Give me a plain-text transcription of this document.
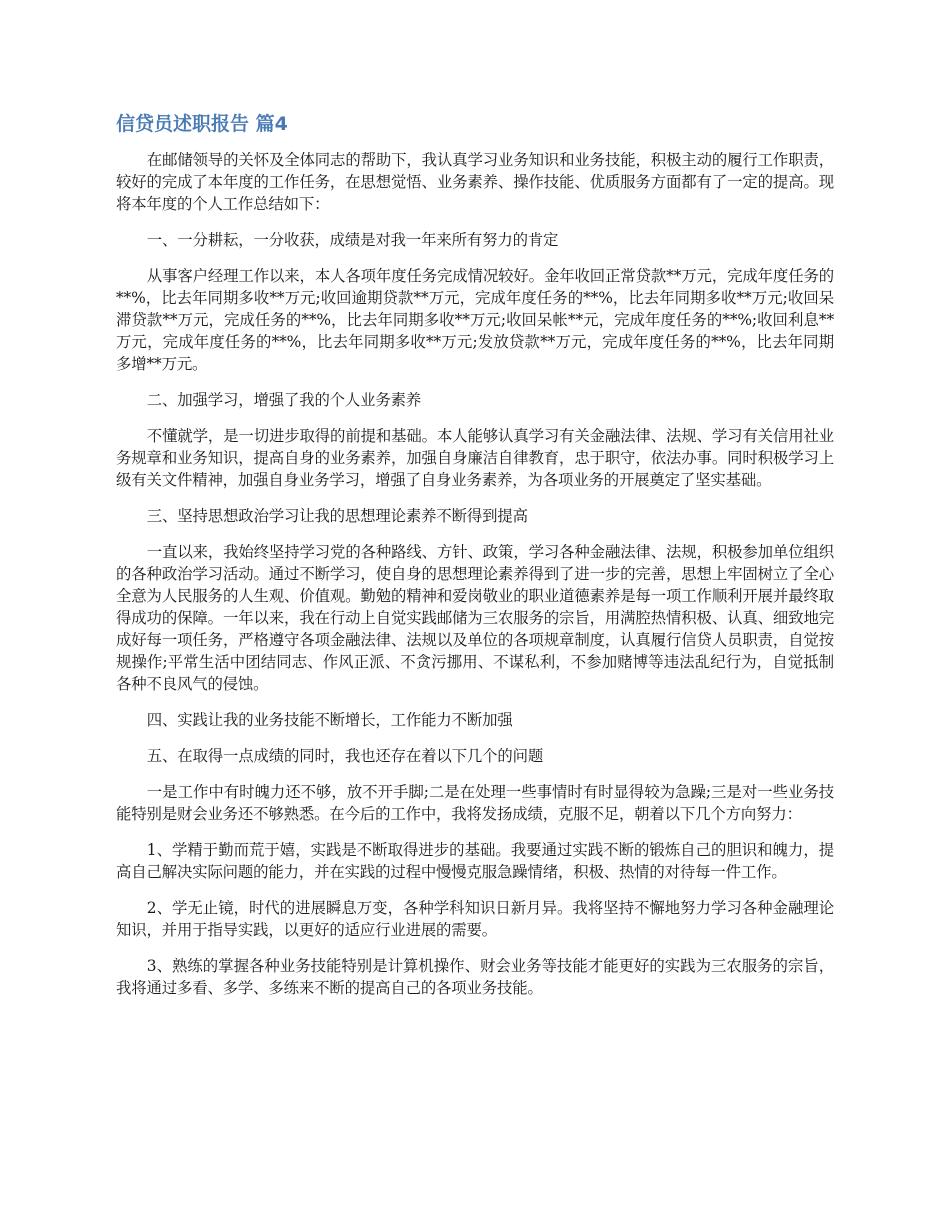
信贷员述职报告 篇4

在邮储领导的关怀及全体同志的帮助下，我认真学习业务知识和业务技能，积极主动的履行工作职责，较好的完成了本年度的工作任务，在思想觉悟、业务素养、操作技能、优质服务方面都有了一定的提高。现将本年度的个人工作总结如下：

一、一分耕耘，一分收获，成绩是对我一年来所有努力的肯定

从事客户经理工作以来，本人各项年度任务完成情况较好。金年收回正常贷款**万元，完成年度任务的**%，比去年同期多收**万元;收回逾期贷款**万元，完成年度任务的**%，比去年同期多收**万元;收回呆滞贷款**万元，完成任务的**%，比去年同期多收**万元;收回呆帐**元，完成年度任务的**%;收回利息**万元，完成年度任务的**%，比去年同期多收**万元;发放贷款**万元，完成年度任务的**%，比去年同期多增**万元。

二、加强学习，增强了我的个人业务素养

不懂就学，是一切进步取得的前提和基础。本人能够认真学习有关金融法律、法规、学习有关信用社业务规章和业务知识，提高自身的业务素养，加强自身廉洁自律教育，忠于职守，依法办事。同时积极学习上级有关文件精神，加强自身业务学习，增强了自身业务素养，为各项业务的开展奠定了坚实基础。

三、坚持思想政治学习让我的思想理论素养不断得到提高

一直以来，我始终坚持学习党的各种路线、方针、政策，学习各种金融法律、法规，积极参加单位组织的各种政治学习活动。通过不断学习，使自身的思想理论素养得到了进一步的完善，思想上牢固树立了全心全意为人民服务的人生观、价值观。勤勉的精神和爱岗敬业的职业道德素养是每一项工作顺利开展并最终取得成功的保障。一年以来，我在行动上自觉实践邮储为三农服务的宗旨，用满腔热情积极、认真、细致地完成好每一项任务，严格遵守各项金融法律、法规以及单位的各项规章制度，认真履行信贷人员职责，自觉按规操作;平常生活中团结同志、作风正派、不贪污挪用、不谋私利，不参加赌博等违法乱纪行为，自觉抵制各种不良风气的侵蚀。

四、实践让我的业务技能不断增长，工作能力不断加强

五、在取得一点成绩的同时，我也还存在着以下几个的问题

一是工作中有时魄力还不够，放不开手脚;二是在处理一些事情时有时显得较为急躁;三是对一些业务技能特别是财会业务还不够熟悉。在今后的工作中，我将发扬成绩，克服不足，朝着以下几个方向努力：

1、学精于勤而荒于嬉，实践是不断取得进步的基础。我要通过实践不断的锻炼自己的胆识和魄力，提高自己解决实际问题的能力，并在实践的过程中慢慢克服急躁情绪，积极、热情的对待每一件工作。

2、学无止镜，时代的进展瞬息万变，各种学科知识日新月异。我将坚持不懈地努力学习各种金融理论知识，并用于指导实践，以更好的适应行业进展的需要。

3、熟练的掌握各种业务技能特别是计算机操作、财会业务等技能才能更好的实践为三农服务的宗旨，我将通过多看、多学、多练来不断的提高自己的各项业务技能。
